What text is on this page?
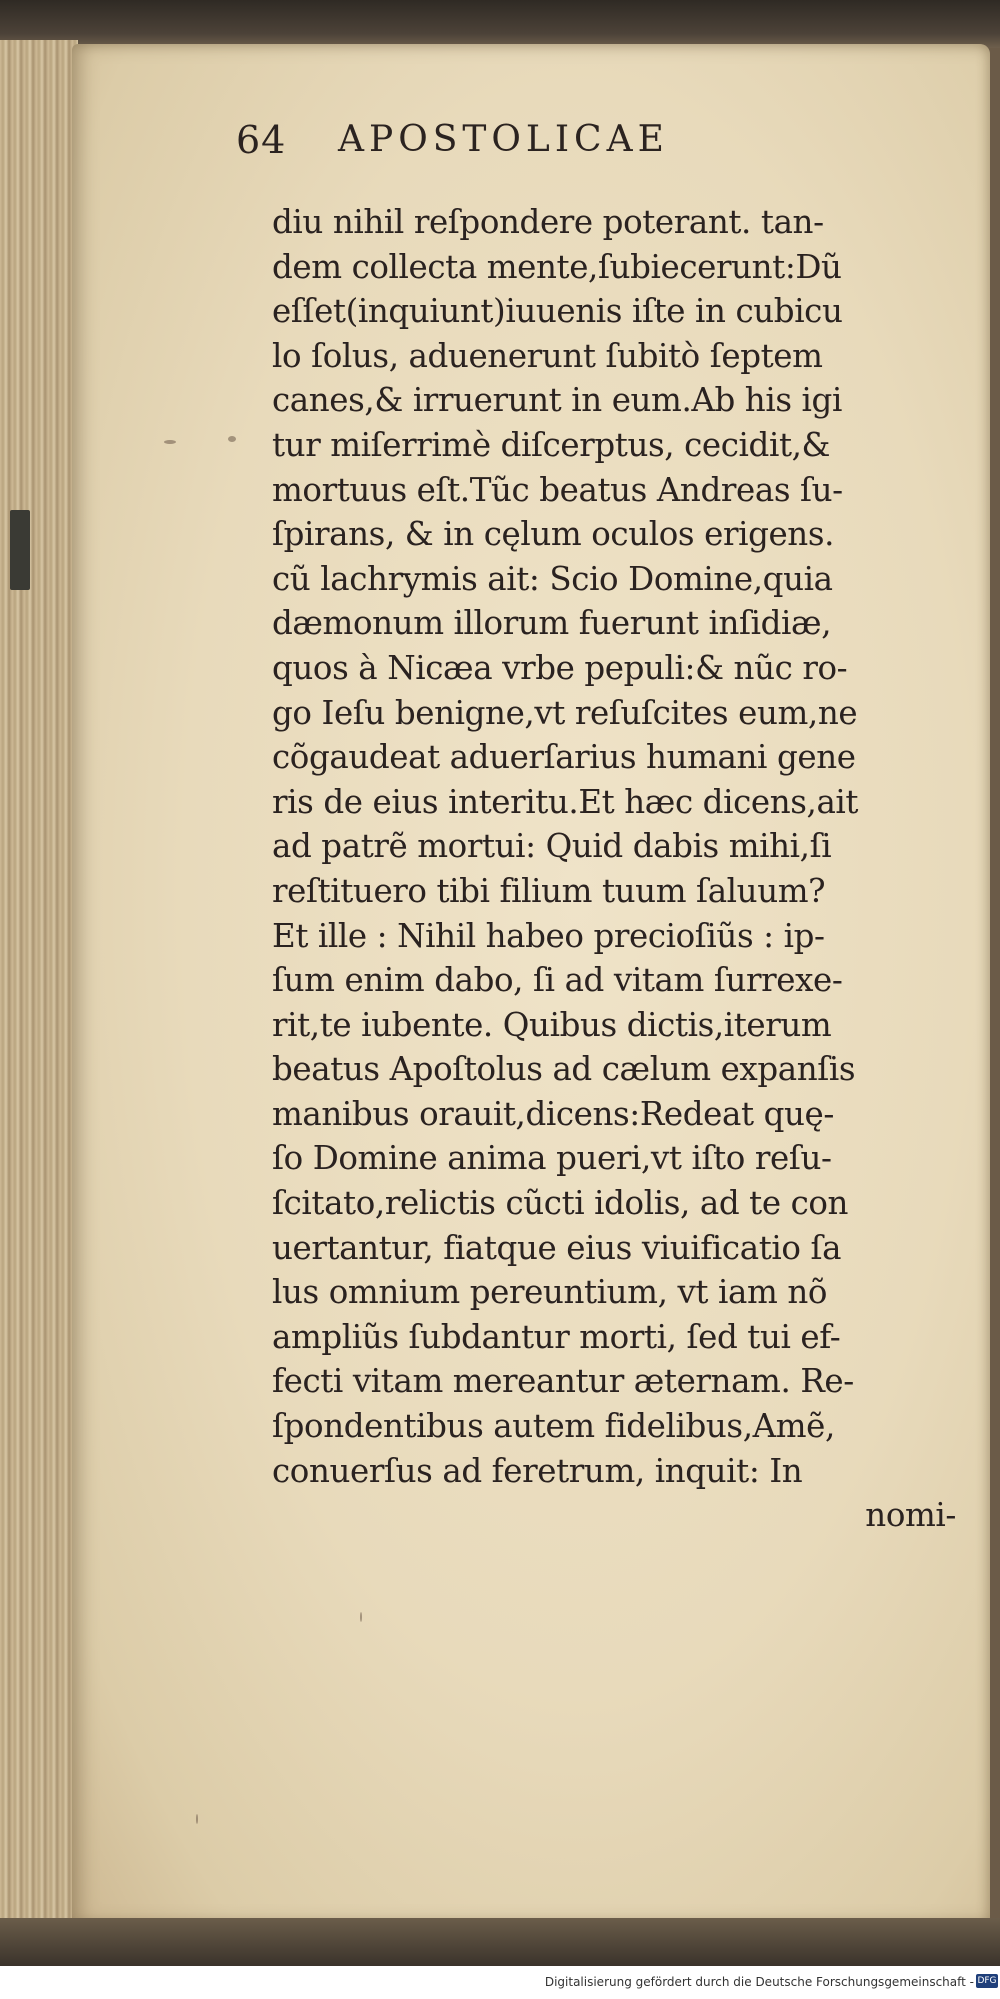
64 APOSTOLICAE
diu nihil reſpondere poterant. tan-
dem collecta mente,ſubiecerunt:Dũ
eſſet(inquiunt)iuuenis iſte in cubicu
lo ſolus, aduenerunt ſubitò ſeptem
canes,& irruerunt in eum.Ab his igi
tur miſerrimè diſcerptus, cecidit,&
mortuus eſt.Tũc beatus Andreas ſu-
ſpirans, & in cęlum oculos erigens.
cũ lachrymis ait: Scio Domine,quia
dæmonum illorum fuerunt inſidiæ,
quos à Nicæa vrbe pepuli:& nũc ro-
go Ieſu benigne,vt reſuſcites eum,ne
cõgaudeat aduerſarius humani gene
ris de eius interitu.Et hæc dicens,ait
ad patrẽ mortui: Quid dabis mihi,ſi
reſtituero tibi filium tuum ſaluum?
Et ille : Nihil habeo precioſiũs : ip-
ſum enim dabo, ſi ad vitam ſurrexe-
rit,te iubente. Quibus dictis,iterum
beatus Apoſtolus ad cælum expanſis
manibus orauit,dicens:Redeat quę-
ſo Domine anima pueri,vt iſto reſu-
ſcitato,relictis cũcti idolis, ad te con
uertantur, fiatque eius viuificatio ſa
lus omnium pereuntium, vt iam nõ
ampliũs ſubdantur morti, ſed tui ef-
fecti vitam mereantur æternam. Re-
ſpondentibus autem fidelibus,Amẽ,
conuerſus ad feretrum, inquit: In
nomi-
Digitalisierung gefördert durch die Deutsche Forschungsgemeinschaft - DFG
